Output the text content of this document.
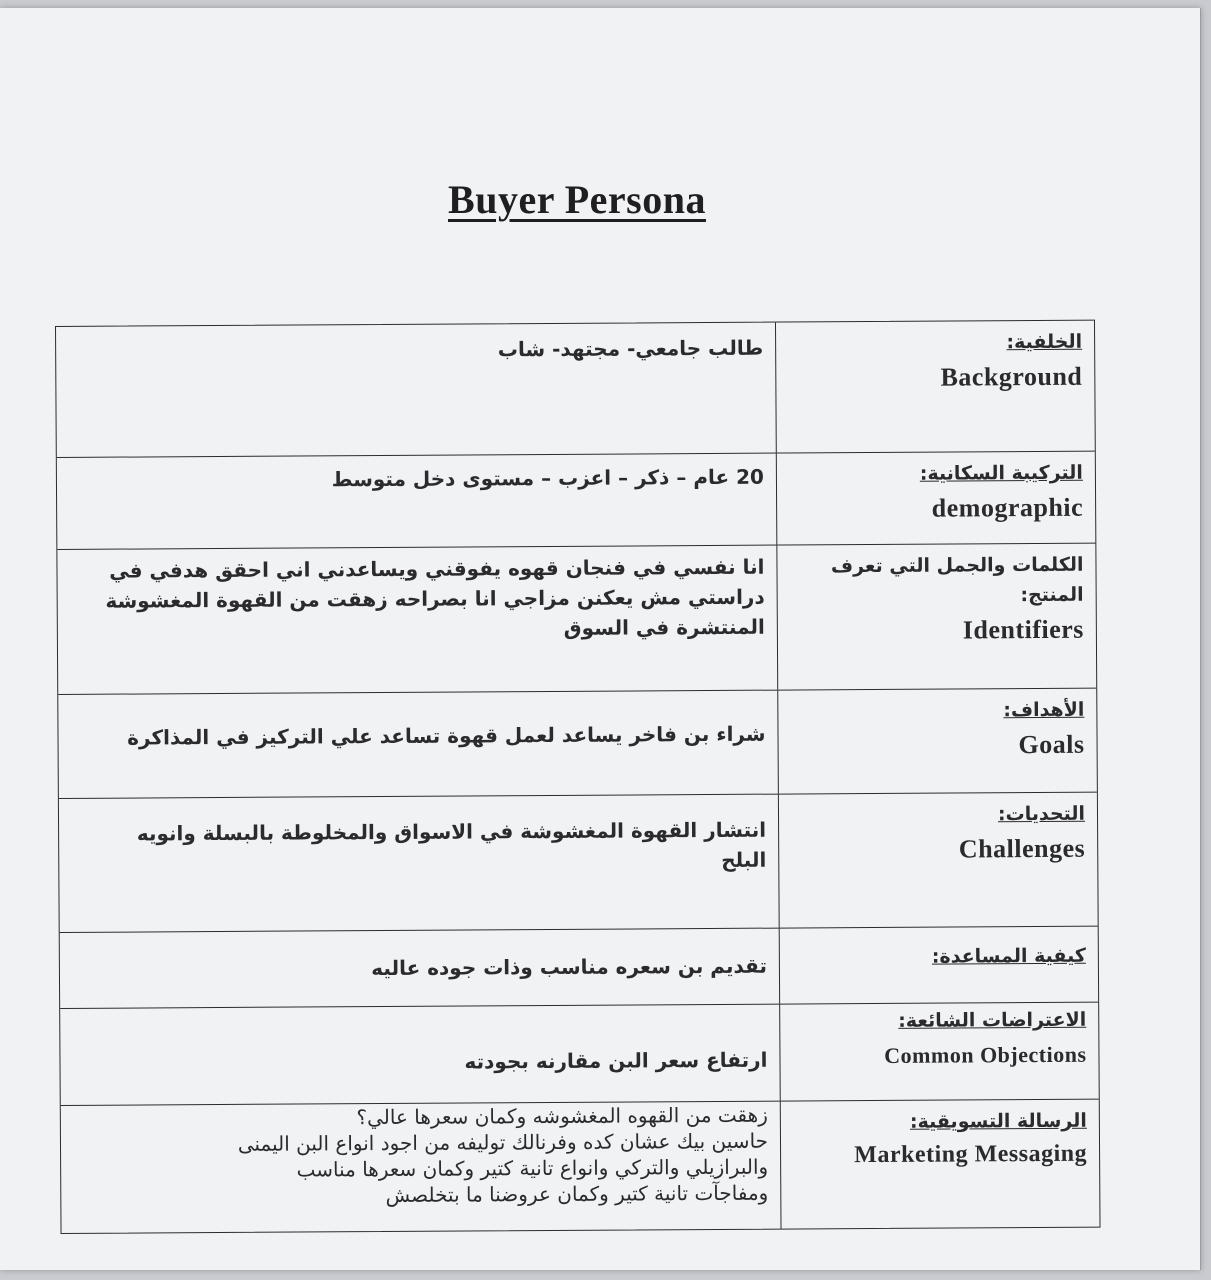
Buyer Persona
طالب جامعي- مجتهد- شاب	الخلفية:
Background
20 عام – ذكر – اعزب – مستوى دخل متوسط	التركيبة السكانية:
demographic
انا نفسي في فنجان قهوه يفوقني ويساعدني اني احقق هدفي في
دراستي مش يعكنن مزاجي انا بصراحه زهقت من القهوة المغشوشة
المنتشرة في السوق
الكلمات والجمل التي تعرف المنتج:
Identifiers
شراء بن فاخر يساعد لعمل قهوة تساعد علي التركيز في المذاكرة
الأهداف:
Goals
انتشار القهوة المغشوشة في الاسواق والمخلوطة بالبسلة وانويه
البلح
التحديات:
Challenges
تقديم بن سعره مناسب وذات جوده عاليه	كيفية المساعدة:
ارتفاع سعر البن مقارنه بجودته
الاعتراضات الشائعة:
Common Objections
زهقت من القهوه المغشوشه وكمان سعرها عالي؟
حاسين بيك عشان كده وفرنالك توليفه من اجود انواع البن اليمنى
والبرازيلي والتركي وانواع تانية كتير وكمان سعرها مناسب
ومفاجآت تانية كتير وكمان عروضنا ما بتخلصش
الرسالة التسويقية:
Marketing Messaging
